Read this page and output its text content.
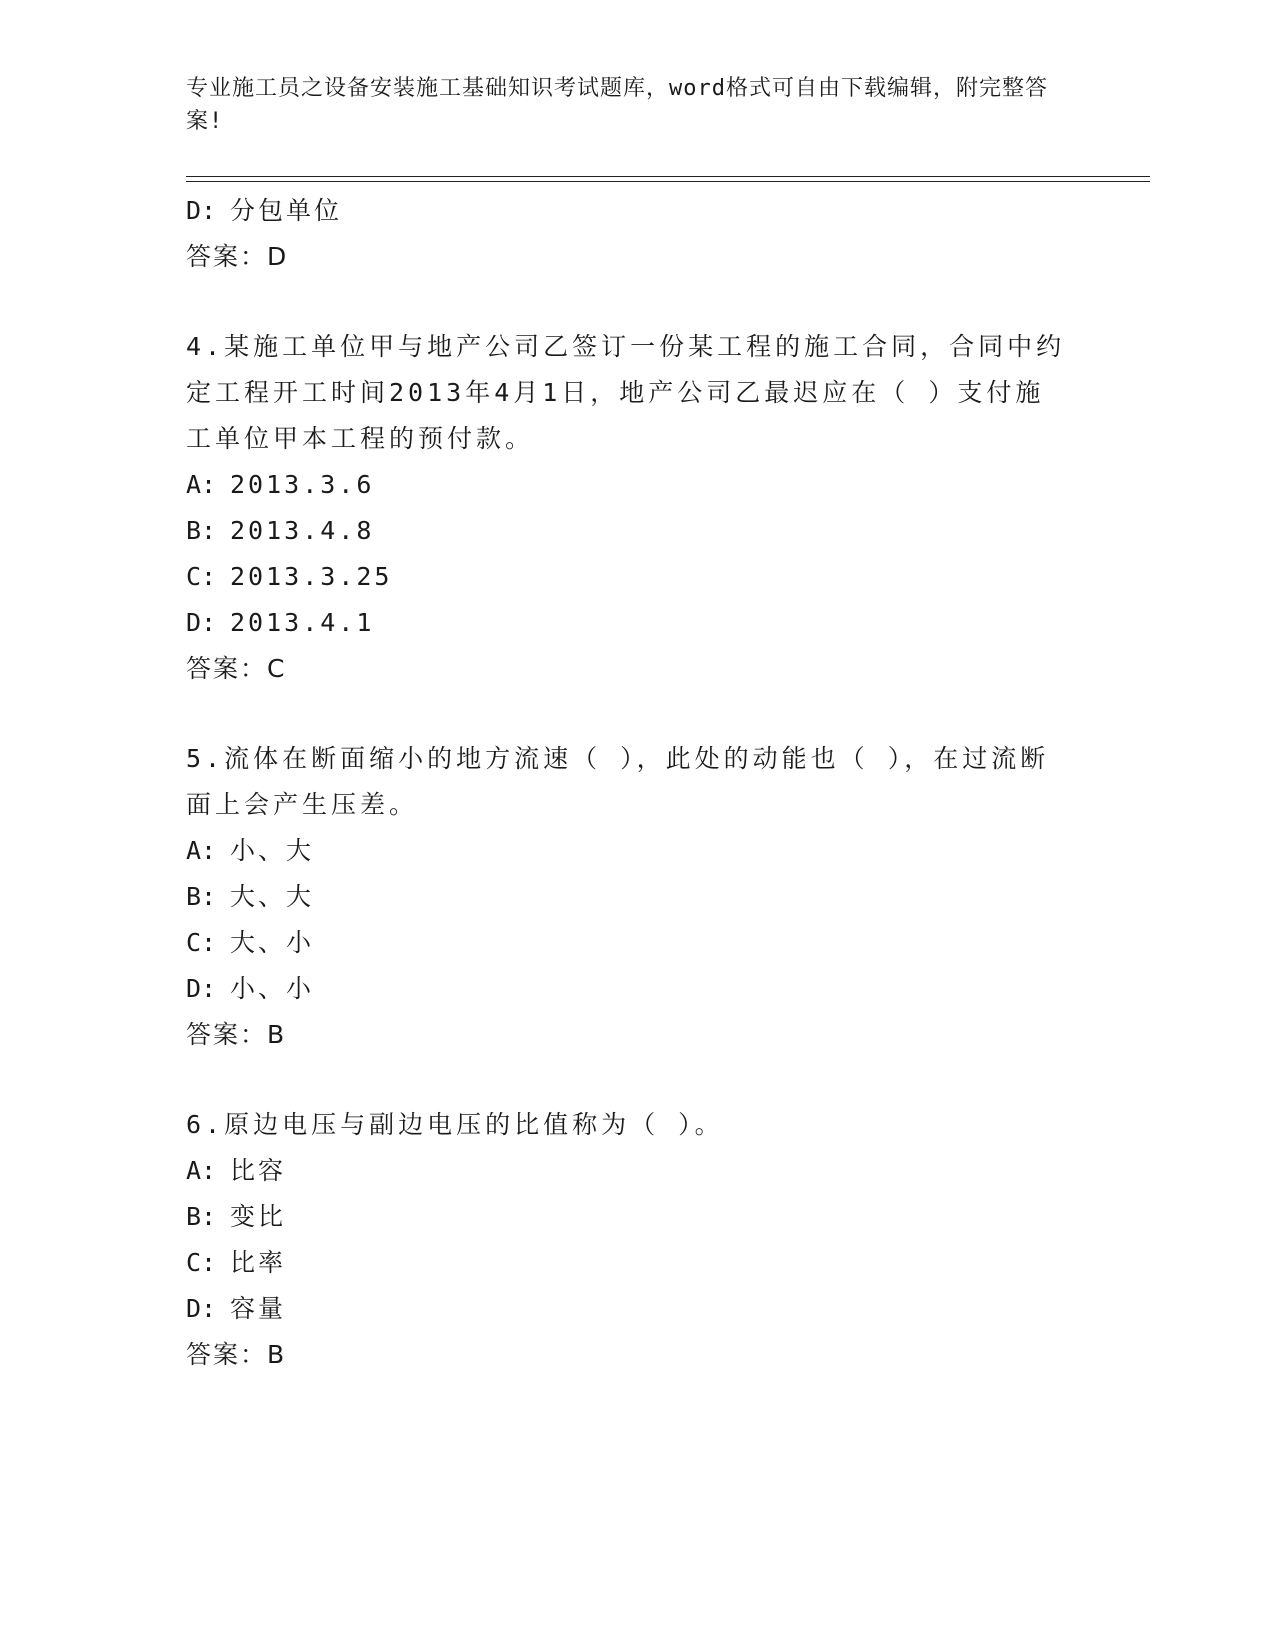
专业施工员之设备安装施工基础知识考试题库，word格式可自由下载编辑，附完整答案!
D: 分包单位
答案：D
4.某施工单位甲与地产公司乙签订一份某工程的施工合同，合同中约
定工程开工时间2013年4月1日，地产公司乙最迟应在（ ）支付施
工单位甲本工程的预付款。
A: 2013.3.6
B: 2013.4.8
C: 2013.3.25
D: 2013.4.1
答案：C
5.流体在断面缩小的地方流速（ ），此处的动能也（ ），在过流断
面上会产生压差。
A: 小、大
B: 大、大
C: 大、小
D: 小、小
答案：B
6.原边电压与副边电压的比值称为（ ）。
A: 比容
B: 变比
C: 比率
D: 容量
答案：B
